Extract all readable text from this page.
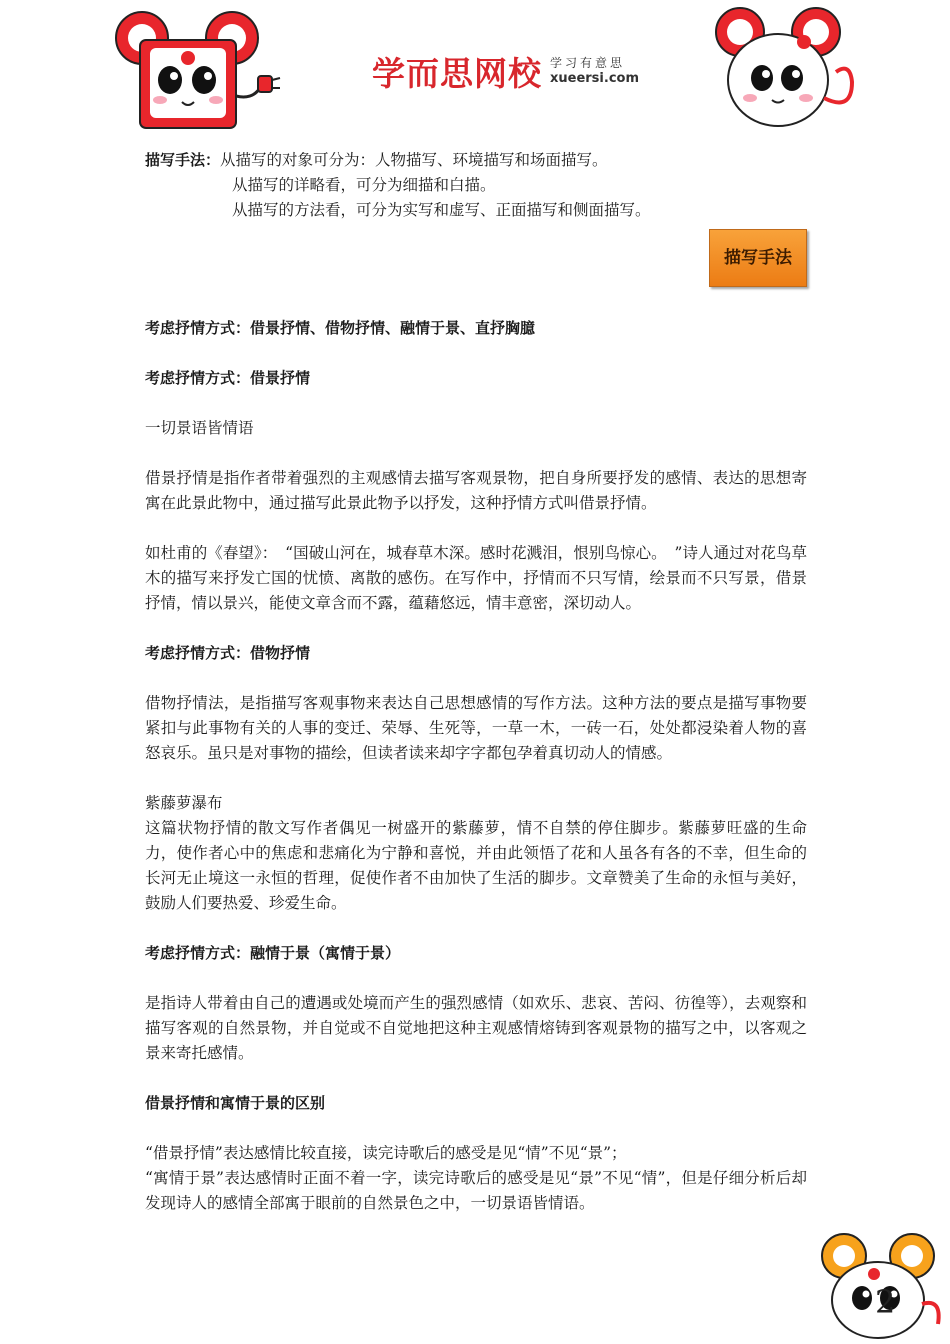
学而思网校 学习有意思
xueersi.com

描写手法：从描写的对象可分为：人物描写、环境描写和场面描写。

从描写的详略看，可分为细描和白描。

从描写的方法看，可分为实写和虚写、正面描写和侧面描写。

描写手法

考虑抒情方式：借景抒情、借物抒情、融情于景、直抒胸臆

考虑抒情方式：借景抒情

一切景语皆情语

借景抒情是指作者带着强烈的主观感情去描写客观景物，把自身所要抒发的感情、表达的思想寄寓在此景此物中，通过描写此景此物予以抒发，这种抒情方式叫借景抒情。

如杜甫的《春望》：　“国破山河在，城春草木深。感时花溅泪，恨别鸟惊心。　”诗人通过对花鸟草木的描写来抒发亡国的忧愤、离散的感伤。在写作中，抒情而不只写情，绘景而不只写景，借景抒情，情以景兴，能使文章含而不露，蕴藉悠远，情丰意密，深切动人。

考虑抒情方式：借物抒情

借物抒情法，是指描写客观事物来表达自己思想感情的写作方法。这种方法的要点是描写事物要紧扣与此事物有关的人事的变迁、荣辱、生死等，一草一木，一砖一石，处处都浸染着人物的喜怒哀乐。虽只是对事物的描绘，但读者读来却字字都包孕着真切动人的情感。

紫藤萝瀑布

这篇状物抒情的散文写作者偶见一树盛开的紫藤萝，情不自禁的停住脚步。紫藤萝旺盛的生命力，使作者心中的焦虑和悲痛化为宁静和喜悦，并由此领悟了花和人虽各有各的不幸，但生命的长河无止境这一永恒的哲理，促使作者不由加快了生活的脚步。文章赞美了生命的永恒与美好，鼓励人们要热爱、珍爱生命。

考虑抒情方式：融情于景（寓情于景）

是指诗人带着由自己的遭遇或处境而产生的强烈感情（如欢乐、悲哀、苦闷、彷徨等），去观察和描写客观的自然景物，并自觉或不自觉地把这种主观感情熔铸到客观景物的描写之中，以客观之景来寄托感情。

借景抒情和寓情于景的区别

“借景抒情”表达感情比较直接，读完诗歌后的感受是见“情”不见“景”；

“寓情于景”表达感情时正面不着一字，读完诗歌后的感受是见“景”不见“情”，但是仔细分析后却发现诗人的感情全部寓于眼前的自然景色之中，一切景语皆情语。

2
